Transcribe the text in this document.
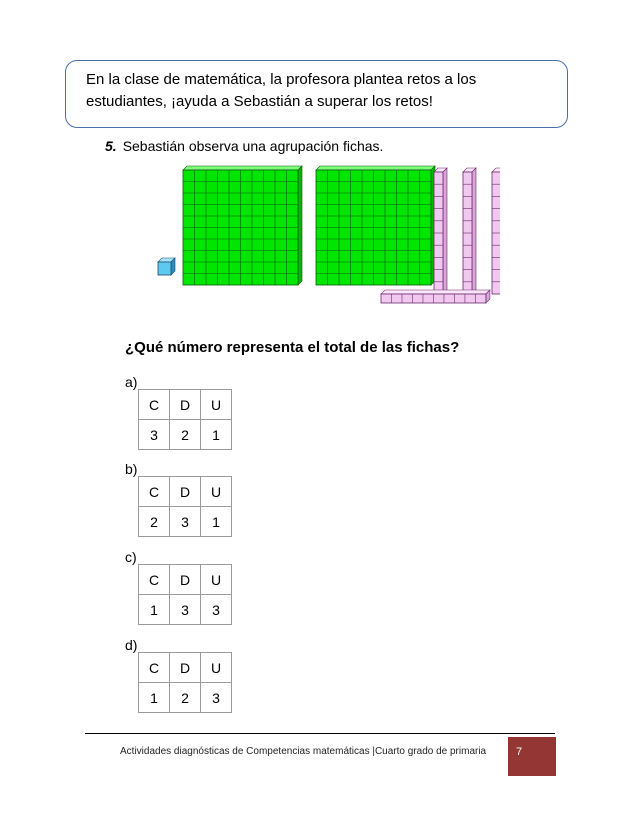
En la clase de matemática, la profesora plantea retos a los

estudiantes, ¡ayuda a Sebastián a superar los retos!

5. Sebastián observa una agrupación fichas.
¿Qué número representa el total de las fichas?
a)
C	D	U
3	2	1
b)
C	D	U
2	3	1
c)
C	D	U
1	3	3
d)
C	D	U
1	2	3
Actividades diagnósticas de Competencias matemáticas |Cuarto grado de primaria	7
